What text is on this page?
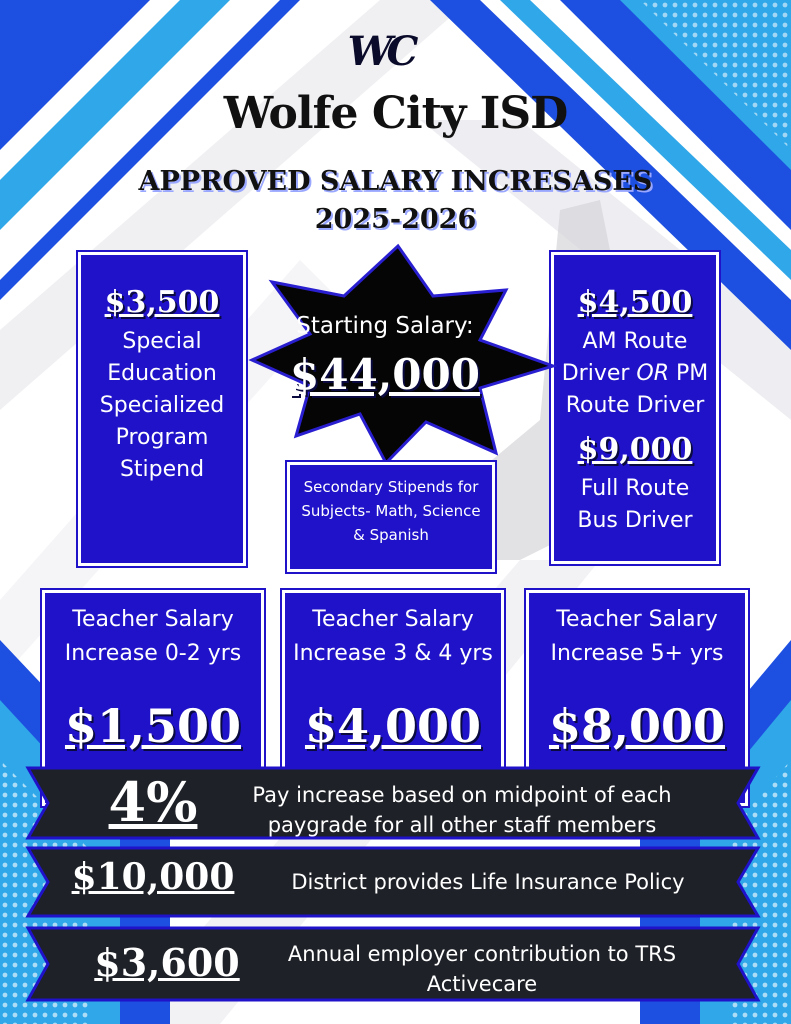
WC
Wolfe City ISD
APPROVED SALARY INCRESASES
2025-2026
$3,500
Special Education Specialized Program Stipend
$4,500
AM Route
Driver OR PM
Route Driver
$9,000
Full Route
Bus Driver
Starting Salary:
$44,000
Secondary Stipends for Subjects- Math, Science & Spanish
Teacher Salary
Increase 0-2 yrs
$1,500
Teacher Salary
Increase 3 & 4 yrs
$4,000
Teacher Salary
Increase 5+ yrs
$8,000
4%	Pay increase based on midpoint of each
paygrade for all other staff members
$10,000	District provides Life Insurance Policy
$3,600	Annual employer contribution to TRS
Activecare
